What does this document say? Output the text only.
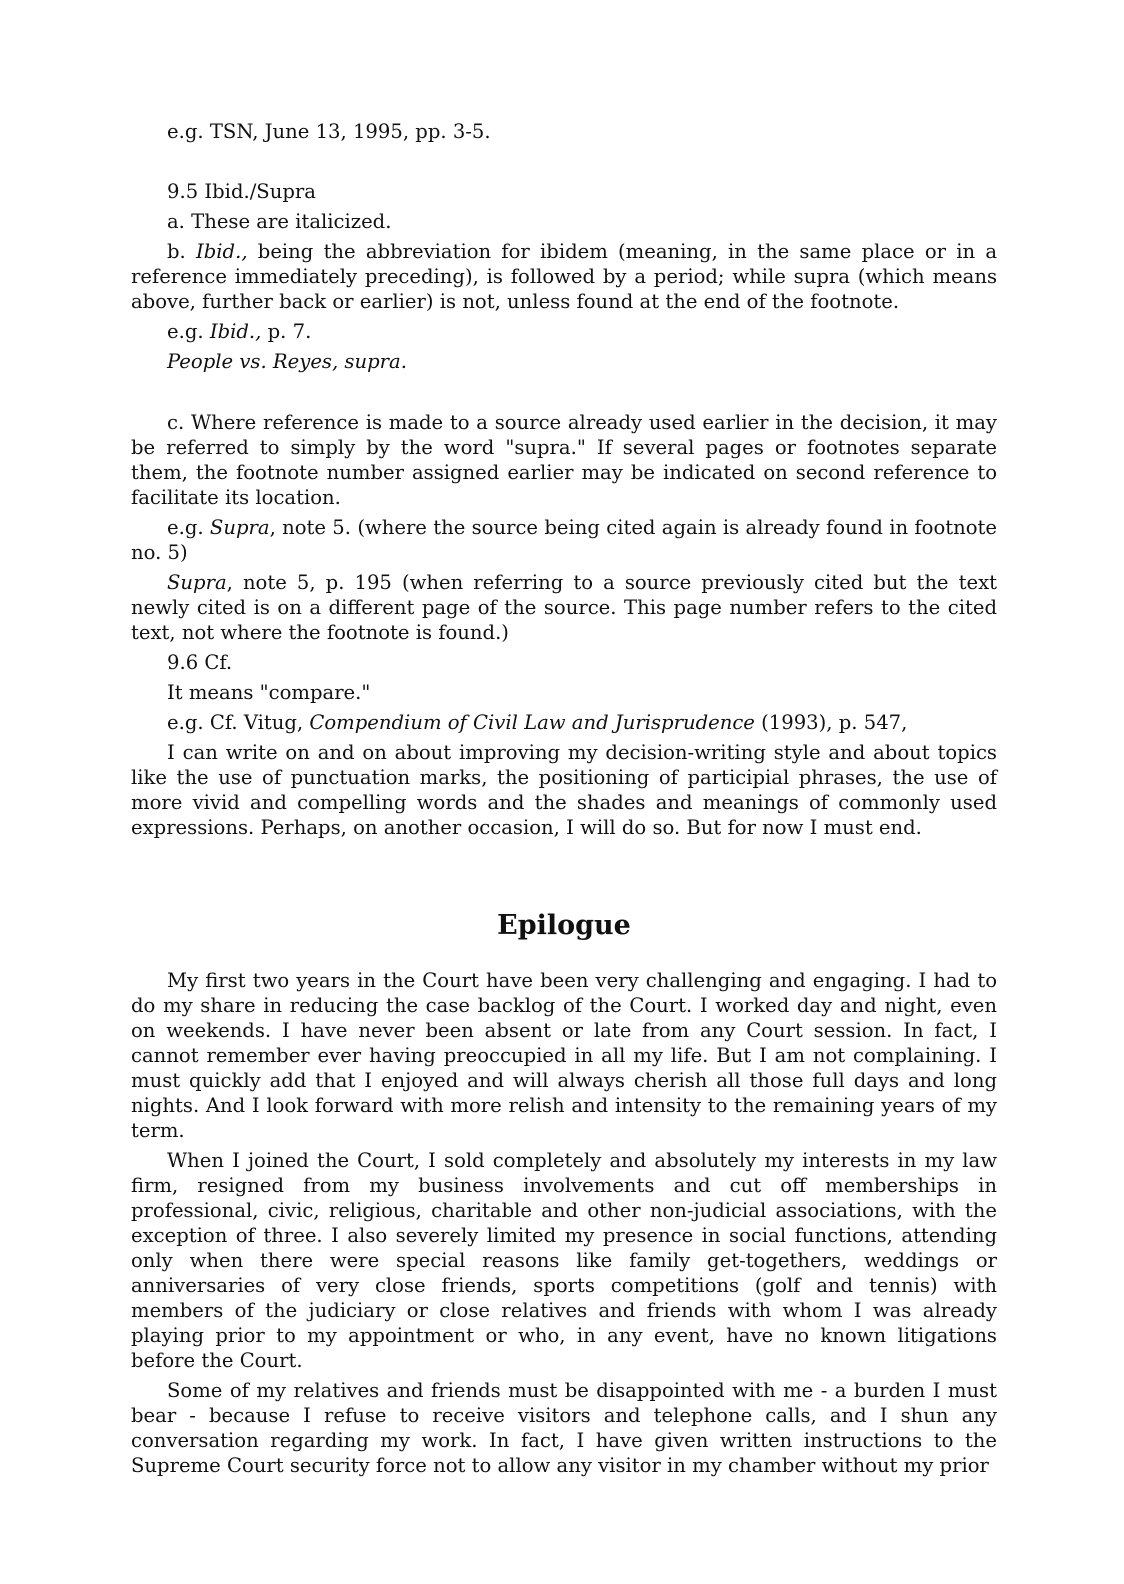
e.g. TSN, June 13, 1995, pp. 3-5.

9.5 Ibid./Supra

a. These are italicized.

b. Ibid., being the abbreviation for ibidem (meaning, in the same place or in a reference immediately preceding), is followed by a period; while supra (which means above, further back or earlier) is not, unless found at the end of the footnote.

e.g. Ibid., p. 7.

People vs. Reyes, supra.

c. Where reference is made to a source already used earlier in the decision, it may be referred to simply by the word "supra." If several pages or footnotes separate them, the footnote number assigned earlier may be indicated on second reference to facilitate its location.

e.g. Supra, note 5. (where the source being cited again is already found in footnote no. 5)

Supra, note 5, p. 195 (when referring to a source previously cited but the text newly cited is on a different page of the source. This page number refers to the cited text, not where the footnote is found.)

9.6 Cf.

It means "compare."

e.g. Cf. Vitug, Compendium of Civil Law and Jurisprudence (1993), p. 547,

I can write on and on about improving my decision-writing style and about topics like the use of punctuation marks, the positioning of participial phrases, the use of more vivid and compelling words and the shades and meanings of commonly used expressions. Perhaps, on another occasion, I will do so. But for now I must end.

Epilogue

My first two years in the Court have been very challenging and engaging. I had to do my share in reducing the case backlog of the Court. I worked day and night, even on weekends. I have never been absent or late from any Court session. In fact, I cannot remember ever having preoccupied in all my life. But I am not complaining. I must quickly add that I enjoyed and will always cherish all those full days and long nights. And I look forward with more relish and intensity to the remaining years of my term.

When I joined the Court, I sold completely and absolutely my interests in my law firm, resigned from my business involvements and cut off memberships in professional, civic, religious, charitable and other non-judicial associations, with the exception of three. I also severely limited my presence in social functions, attending only when there were special reasons like family get-togethers, weddings or anniversaries of very close friends, sports competitions (golf and tennis) with members of the judiciary or close relatives and friends with whom I was already playing prior to my appointment or who, in any event, have no known litigations before the Court.

Some of my relatives and friends must be disappointed with me - a burden I must bear - because I refuse to receive visitors and telephone calls, and I shun any conversation regarding my work. In fact, I have given written instructions to the Supreme Court security force not to allow any visitor in my chamber without my prior
